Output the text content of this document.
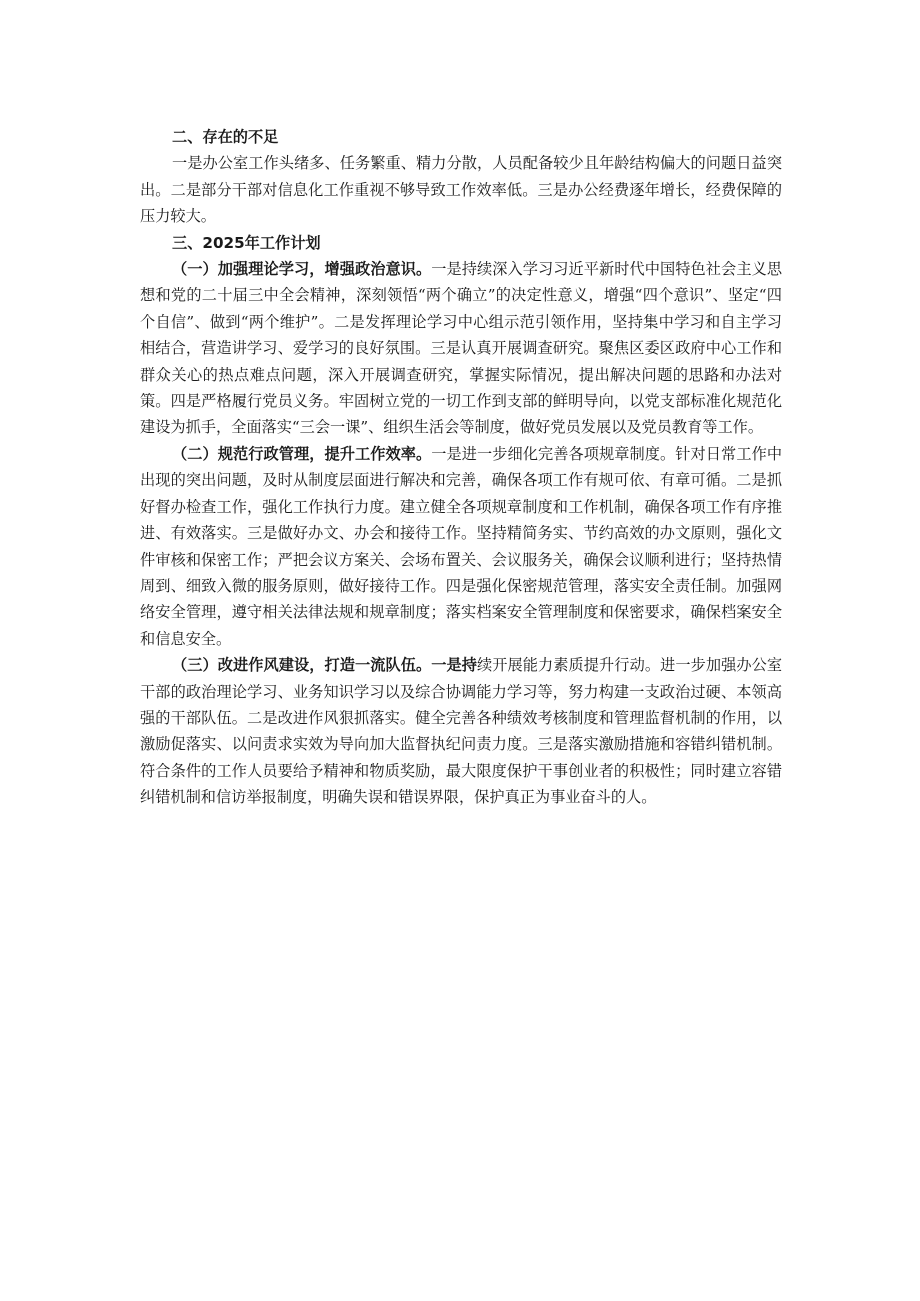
二、存在的不足

一是办公室工作头绪多、任务繁重、精力分散，人员配备较少且年龄结构偏大的问题日益突出。二是部分干部对信息化工作重视不够导致工作效率低。三是办公经费逐年增长，经费保障的压力较大。

三、2025年工作计划

（一）加强理论学习，增强政治意识。一是持续深入学习习近平新时代中国特色社会主义思想和党的二十届三中全会精神，深刻领悟“两个确立”的决定性意义，增强“四个意识”、坚定“四个自信”、做到“两个维护”。二是发挥理论学习中心组示范引领作用，坚持集中学习和自主学习相结合，营造讲学习、爱学习的良好氛围。三是认真开展调查研究。聚焦区委区政府中心工作和群众关心的热点难点问题，深入开展调查研究，掌握实际情况，提出解决问题的思路和办法对策。四是严格履行党员义务。牢固树立党的一切工作到支部的鲜明导向，以党支部标准化规范化建设为抓手，全面落实“三会一课”、组织生活会等制度，做好党员发展以及党员教育等工作。

（二）规范行政管理，提升工作效率。一是进一步细化完善各项规章制度。针对日常工作中出现的突出问题，及时从制度层面进行解决和完善，确保各项工作有规可依、有章可循。二是抓好督办检查工作，强化工作执行力度。建立健全各项规章制度和工作机制，确保各项工作有序推进、有效落实。三是做好办文、办会和接待工作。坚持精简务实、节约高效的办文原则，强化文件审核和保密工作；严把会议方案关、会场布置关、会议服务关，确保会议顺利进行；坚持热情周到、细致入微的服务原则，做好接待工作。四是强化保密规范管理，落实安全责任制。加强网络安全管理，遵守相关法律法规和规章制度；落实档案安全管理制度和保密要求，确保档案安全和信息安全。

（三）改进作风建设，打造一流队伍。一是持续开展能力素质提升行动。进一步加强办公室干部的政治理论学习、业务知识学习以及综合协调能力学习等，努力构建一支政治过硬、本领高强的干部队伍。二是改进作风狠抓落实。健全完善各种绩效考核制度和管理监督机制的作用，以激励促落实、以问责求实效为导向加大监督执纪问责力度。三是落实激励措施和容错纠错机制。符合条件的工作人员要给予精神和物质奖励，最大限度保护干事创业者的积极性；同时建立容错纠错机制和信访举报制度，明确失误和错误界限，保护真正为事业奋斗的人。
